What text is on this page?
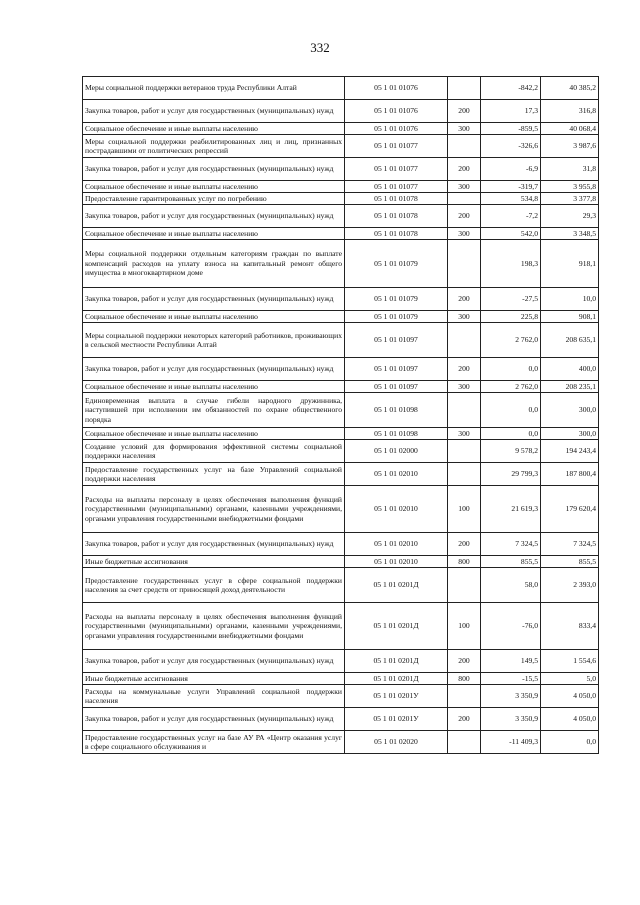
332
Меры социальной поддержки ветеранов труда Республики Алтай	05 1 01 01076		-842,2	40 385,2
Закупка товаров, работ и услуг для государственных (муниципальных) нужд	05 1 01 01076	200	17,3	316,8
Социальное обеспечение и иные выплаты населению	05 1 01 01076	300	-859,5	40 068,4
Меры социальной поддержки реабилитированных лиц и лиц, признанных пострадавшими от политических репрессий	05 1 01 01077		-326,6	3 987,6
Закупка товаров, работ и услуг для государственных (муниципальных) нужд	05 1 01 01077	200	-6,9	31,8
Социальное обеспечение и иные выплаты населению	05 1 01 01077	300	-319,7	3 955,8
Предоставление гарантированных услуг по погребению	05 1 01 01078		534,8	3 377,8
Закупка товаров, работ и услуг для государственных (муниципальных) нужд	05 1 01 01078	200	-7,2	29,3
Социальное обеспечение и иные выплаты населению	05 1 01 01078	300	542,0	3 348,5
Меры социальной поддержки отдельным категориям граждан по выплате компенсаций расходов на уплату взноса на капитальный ремонт общего имущества в многоквартирном доме	05 1 01 01079		198,3	918,1
Закупка товаров, работ и услуг для государственных (муниципальных) нужд	05 1 01 01079	200	-27,5	10,0
Социальное обеспечение и иные выплаты населению	05 1 01 01079	300	225,8	908,1
Меры социальной поддержки некоторых категорий работников, проживающих в сельской местности Республики Алтай	05 1 01 01097		2 762,0	208 635,1
Закупка товаров, работ и услуг для государственных (муниципальных) нужд	05 1 01 01097	200	0,0	400,0
Социальное обеспечение и иные выплаты населению	05 1 01 01097	300	2 762,0	208 235,1
Единовременная выплата в случае гибели народного дружинника, наступившей при исполнении им обязанностей по охране общественного порядка	05 1 01 01098		0,0	300,0
Социальное обеспечение и иные выплаты населению	05 1 01 01098	300	0,0	300,0
Создание условий для формирования эффективной системы социальной поддержки населения	05 1 01 02000		9 578,2	194 243,4
Предоставление государственных услуг на базе Управлений социальной поддержки населения	05 1 01 02010		29 799,3	187 800,4
Расходы на выплаты персоналу в целях обеспечения выполнения функций государственными (муниципальными) органами, казенными учреждениями, органами управления государственными внебюджетными фондами	05 1 01 02010	100	21 619,3	179 620,4
Закупка товаров, работ и услуг для государственных (муниципальных) нужд	05 1 01 02010	200	7 324,5	7 324,5
Иные бюджетные ассигнования	05 1 01 02010	800	855,5	855,5
Предоставление государственных услуг в сфере социальной поддержки населения за счет средств от приносящей доход деятельности	05 1 01 0201Д		58,0	2 393,0
Расходы на выплаты персоналу в целях обеспечения выполнения функций государственными (муниципальными) органами, казенными учреждениями, органами управления государственными внебюджетными фондами	05 1 01 0201Д	100	-76,0	833,4
Закупка товаров, работ и услуг для государственных (муниципальных) нужд	05 1 01 0201Д	200	149,5	1 554,6
Иные бюджетные ассигнования	05 1 01 0201Д	800	-15,5	5,0
Расходы на коммунальные услуги Управлений социальной поддержки населения	05 1 01 0201У		3 350,9	4 050,0
Закупка товаров, работ и услуг для государственных (муниципальных) нужд	05 1 01 0201У	200	3 350,9	4 050,0
Предоставление государственных услуг на базе АУ РА «Центр оказания услуг в сфере социального обслуживания и	05 1 01 02020		-11 409,3	0,0
